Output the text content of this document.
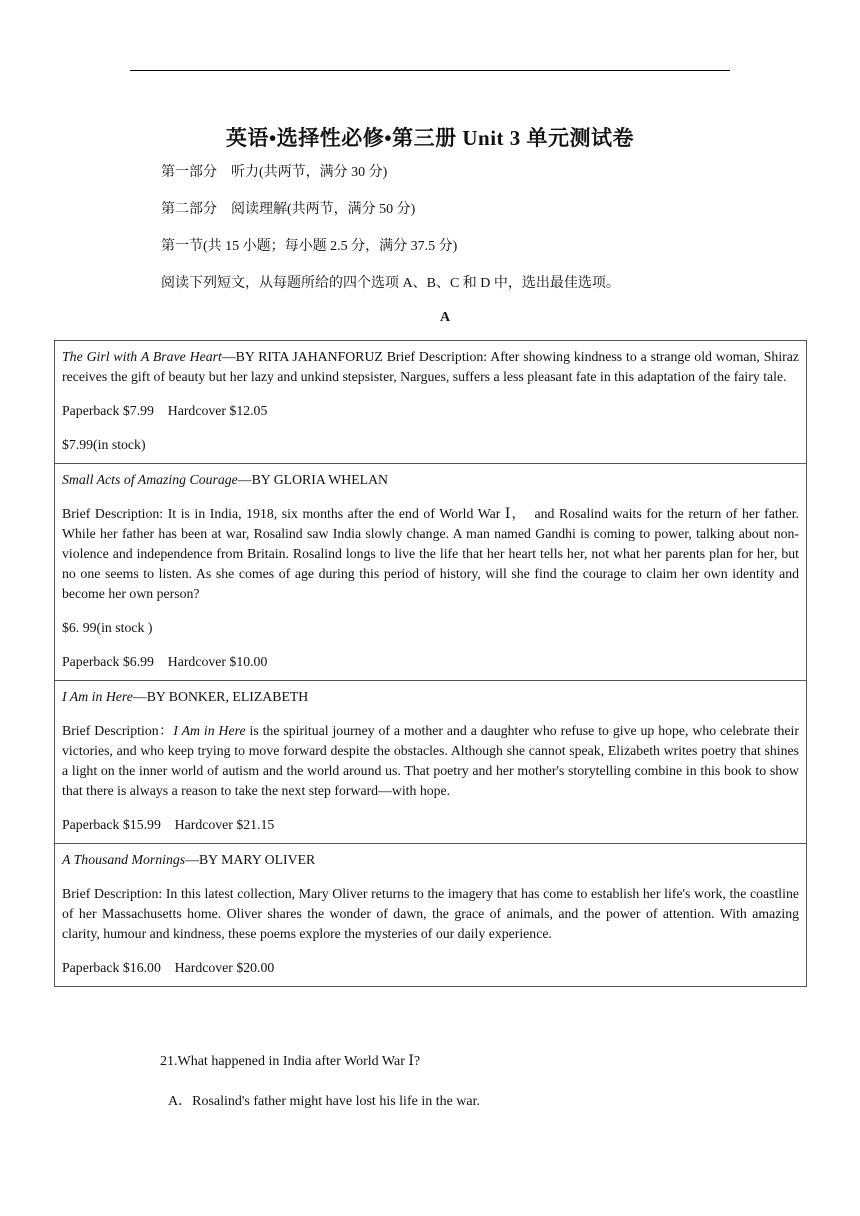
英语•选择性必修•第三册 Unit 3 单元测试卷
第一部分　听力(共两节，满分 30 分)
第二部分　阅读理解(共两节，满分 50 分)
第一节(共 15 小题；每小题 2.5 分，满分 37.5 分)
阅读下列短文，从每题所给的四个选项 A、B、C 和 D 中，选出最佳选项。
A

The Girl with A Brave Heart—BY RITA JAHANFORUZ Brief Description: After showing kindness to a strange old woman, Shiraz receives the gift of beauty but her lazy and unkind stepsister, Nargues, suffers a less pleasant fate in this adaptation of the fairy tale.

Paperback $7.99　Hardcover $12.05

$7.99(in stock)

Small Acts of Amazing Courage—BY GLORIA WHELAN

Brief Description: It is in India, 1918, six months after the end of World War Ⅰ，　and Rosalind waits for the return of her father. While her father has been at war, Rosalind saw India slowly change. A man named Gandhi is coming to power, talking about non-violence and independence from Britain. Rosalind longs to live the life that her heart tells her, not what her parents plan for her, but no one seems to listen. As she comes of age during this period of history, will she find the courage to claim her own identity and become her own person?

$6. 99(in stock )

Paperback $6.99　Hardcover $10.00

I Am in Here—BY BONKER, ELIZABETH

Brief Description：I Am in Here is the spiritual journey of a mother and a daughter who refuse to give up hope, who celebrate their victories, and who keep trying to move forward despite the obstacles. Although she cannot speak, Elizabeth writes poetry that shines a light on the inner world of autism and the world around us. That poetry and her mother's storytelling combine in this book to show that there is always a reason to take the next step forward—with hope.

Paperback $15.99　Hardcover $21.15

A Thousand Mornings—BY MARY OLIVER

Brief Description: In this latest collection, Mary Oliver returns to the imagery that has come to establish her life's work, the coastline of her Massachusetts home. Oliver shares the wonder of dawn, the grace of animals, and the power of attention. With amazing clarity, humour and kindness, these poems explore the mysteries of our daily experience.

Paperback $16.00　Hardcover $20.00

21.What happened in India after World War Ⅰ?
A．Rosalind's father might have lost his life in the war.
